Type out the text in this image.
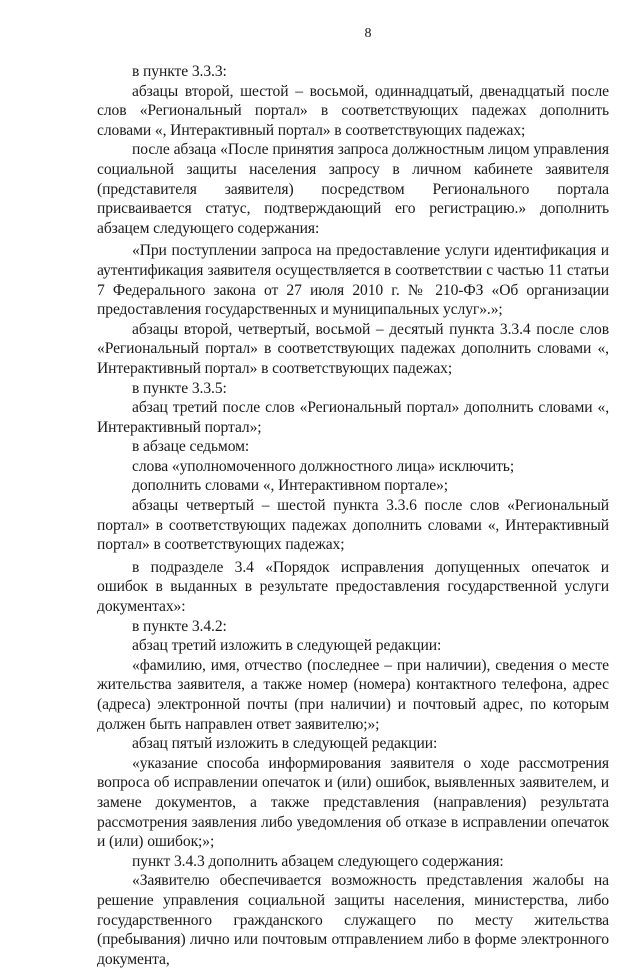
8

в пункте 3.3.3:

абзацы второй, шестой – восьмой, одиннадцатый, двенадцатый после слов «Региональный портал» в соответствующих падежах дополнить словами «, Интерактивный портал» в соответствующих падежах;

после абзаца «После принятия запроса должностным лицом управления социальной защиты населения запросу в личном кабинете заявителя (представителя заявителя) посредством Регионального портала присваивается статус, подтверждающий его регистрацию.» дополнить абзацем следующего содержания:

«При поступлении запроса на предоставление услуги идентификация и аутентификация заявителя осуществляется в соответствии с частью 11 статьи 7 Федерального закона от 27 июля 2010 г. № 210-ФЗ «Об организации предоставления государственных и муниципальных услуг».»;

абзацы второй, четвертый, восьмой – десятый пункта 3.3.4 после слов «Региональный портал» в соответствующих падежах дополнить словами «, Интерактивный портал» в соответствующих падежах;

в пункте 3.3.5:

абзац третий после слов «Региональный портал» дополнить словами «, Интерактивный портал»;

в абзаце седьмом:

слова «уполномоченного должностного лица» исключить;

дополнить словами «, Интерактивном портале»;

абзацы четвертый – шестой пункта 3.3.6 после слов «Региональный портал» в соответствующих падежах дополнить словами «, Интерактивный портал» в соответствующих падежах;

в подразделе 3.4 «Порядок исправления допущенных опечаток и ошибок в выданных в результате предоставления государственной услуги документах»:

в пункте 3.4.2:

абзац третий изложить в следующей редакции:

«фамилию, имя, отчество (последнее – при наличии), сведения о месте жительства заявителя, а также номер (номера) контактного телефона, адрес (адреса) электронной почты (при наличии) и почтовый адрес, по которым должен быть направлен ответ заявителю;»;

абзац пятый изложить в следующей редакции:

«указание способа информирования заявителя о ходе рассмотрения вопроса об исправлении опечаток и (или) ошибок, выявленных заявителем, и замене документов, а также представления (направления) результата рассмотрения заявления либо уведомления об отказе в исправлении опечаток и (или) ошибок;»;

пункт 3.4.3 дополнить абзацем следующего содержания:

«Заявителю обеспечивается возможность представления жалобы на решение управления социальной защиты населения, министерства, либо государственного гражданского служащего по месту жительства (пребывания) лично или почтовым отправлением либо в форме электронного документа,
